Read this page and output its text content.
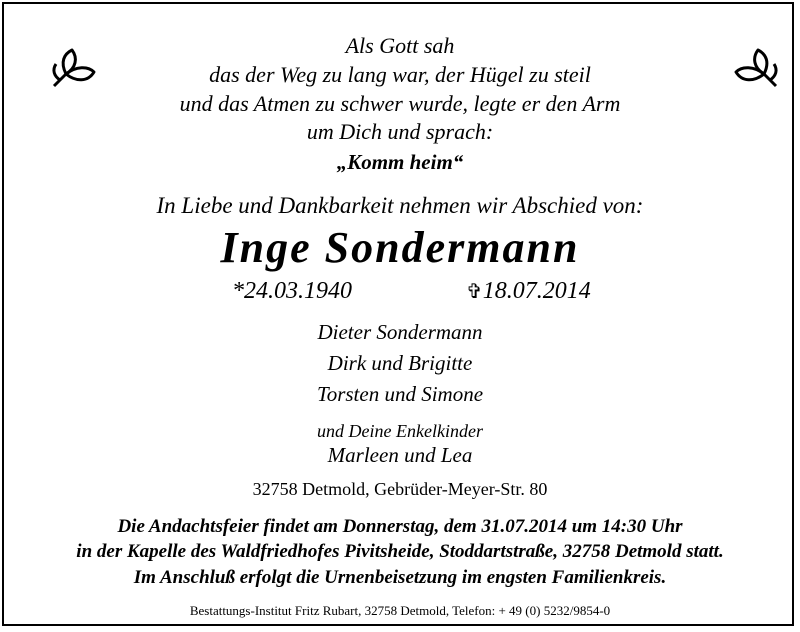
Als Gott sah
das der Weg zu lang war, der Hügel zu steil
und das Atmen zu schwer wurde, legte er den Arm
um Dich und sprach:
„Komm heim“
In Liebe und Dankbarkeit nehmen wir Abschied von:
Inge Sondermann
*24.03.1940	✞18.07.2014
Dieter Sondermann
Dirk und Brigitte
Torsten und Simone
und Deine Enkelkinder
Marleen und Lea
32758 Detmold, Gebrüder-Meyer-Str. 80
Die Andachtsfeier findet am Donnerstag, dem 31.07.2014 um 14:30 Uhr
in der Kapelle des Waldfriedhofes Pivitsheide, Stoddartstraße, 32758 Detmold statt.
Im Anschluß erfolgt die Urnenbeisetzung im engsten Familienkreis.
Bestattungs-Institut Fritz Rubart, 32758 Detmold, Telefon: + 49 (0) 5232/9854-0
